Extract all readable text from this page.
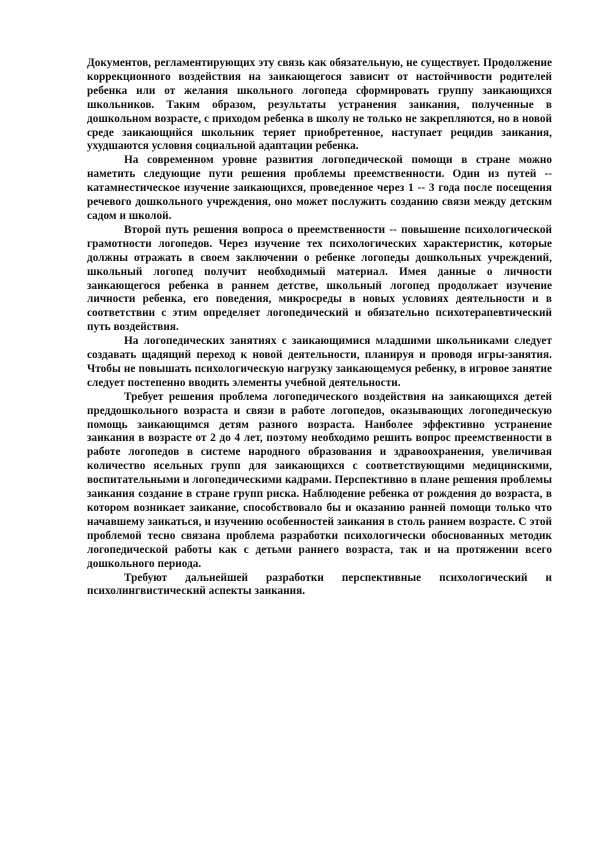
Документов, регламентирующих эту связь как обязательную, не существует. Продолжение коррекционного воздействия на заикающегося зависит от настойчивости родителей ребенка или от желания школьного логопеда сформировать группу заикающихся школьников. Таким образом, результаты устранения заикания, полученные в дошкольном возрасте, с приходом ребенка в школу не только не закрепляются, но в новой среде заикающийся школьник теряет приобретенное, наступает рецидив заикания, ухудшаются условия социальной адаптации ребенка.

На современном уровне развития логопедической помощи в стране можно наметить следующие пути решения проблемы преемственности. Один из путей -- катамнестическое изучение заикающихся, проведенное через 1 -- 3 года после посещения речевого дошкольного учреждения, оно может послужить созданию связи между детским садом и школой.

Второй путь решения вопроса о преемственности -- повышение психологической грамотности логопедов. Через изучение тех психологических характеристик, которые должны отражать в своем заключении о ребенке логопеды дошкольных учреждений, школьный логопед получит необходимый материал. Имея данные о личности заикающегося ребенка в раннем детстве, школьный логопед продолжает изучение личности ребенка, его поведения, микросреды в новых условиях деятельности и в соответствии с этим определяет логопедический и обязательно психотерапевтический путь воздействия.

На логопедических занятиях с заикающимися младшими школьниками следует создавать щадящий переход к новой деятельности, планируя и проводя игры-занятия. Чтобы не повышать психологическую нагрузку заикающемуся ребенку, в игровое занятие следует постепенно вводить элементы учебной деятельности.

Требует решения проблема логопедического воздействия на заикающихся детей преддошкольного возраста и связи в работе логопедов, оказывающих логопедическую помощь заикающимся детям разного возраста. Наиболее эффективно устранение заикания в возрасте от 2 до 4 лет, поэтому необходимо решить вопрос преемственности в работе логопедов в системе народного образования и здравоохранения, увеличивая количество ясельных групп для заикающихся с соответствующими медицинскими, воспитательными и логопедическими кадрами. Перспективно в плане решения проблемы заикания создание в стране групп риска. Наблюдение ребенка от рождения до возраста, в котором возникает заикание, способствовало бы и оказанию ранней помощи только что начавшему заикаться, и изучению особенностей заикания в столь раннем возрасте. С этой проблемой тесно связана проблема разработки психологически обоснованных методик логопедической работы как с детьми раннего возраста, так и на протяжении всего дошкольного периода.

Требуют дальнейшей разработки перспективные психологический и психолингвистический аспекты заикания.
